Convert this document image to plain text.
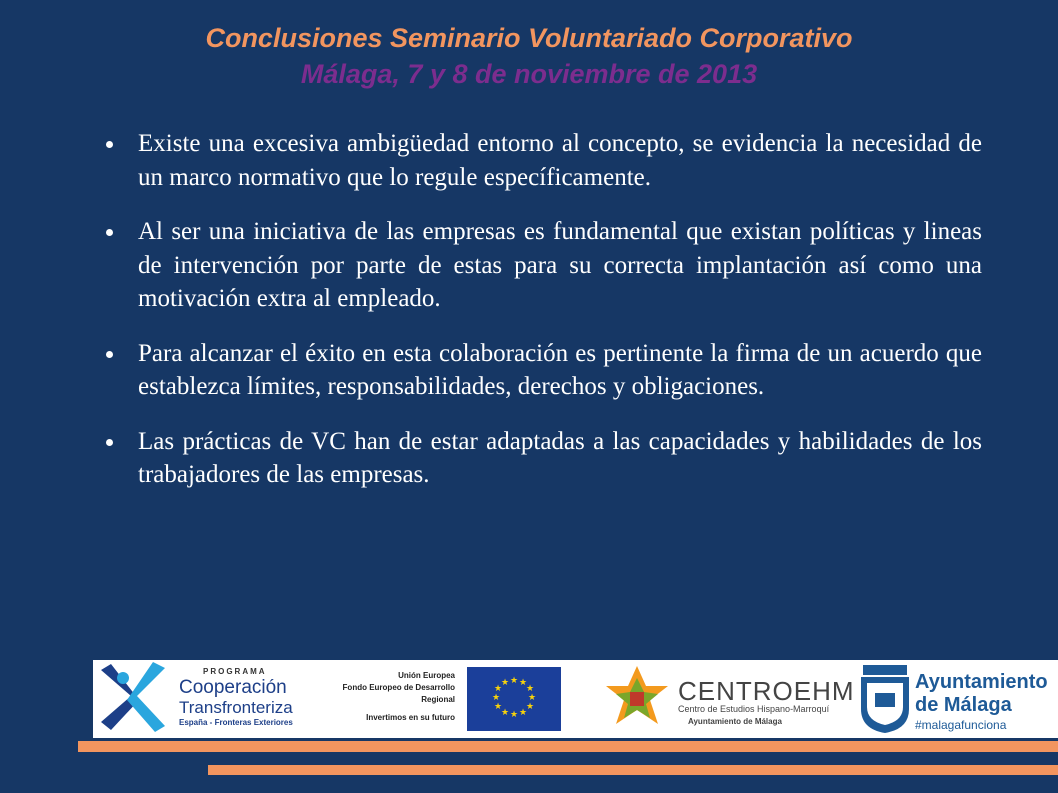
Conclusiones Seminario Voluntariado Corporativo
Málaga, 7 y 8 de noviembre de 2013
Existe una excesiva ambigüedad entorno al concepto, se evidencia la necesidad de un marco normativo que lo regule específicamente.
Al ser una iniciativa de las empresas es fundamental que existan políticas y lineas de intervención por parte de estas para su correcta implantación así como una motivación extra al empleado.
Para alcanzar el éxito en esta colaboración es pertinente la firma de un acuerdo que establezca límites, responsabilidades, derechos y obligaciones.
Las prácticas de VC han de estar adaptadas a las capacidades y habilidades de los trabajadores de las empresas.
PROGRAMA
Cooperación
Transfronteriza
España - Fronteras Exteriores
Unión Europea
Fondo Europeo de Desarrollo
Regional
Invertimos en su futuro
★ ★
★
★
★
★
★
★
★
★
★
★	CENTROEHM
Centro de Estudios Hispano-Marroquí
Ayuntamiento de Málaga
Ayuntamiento
de Málaga
#malagafunciona
